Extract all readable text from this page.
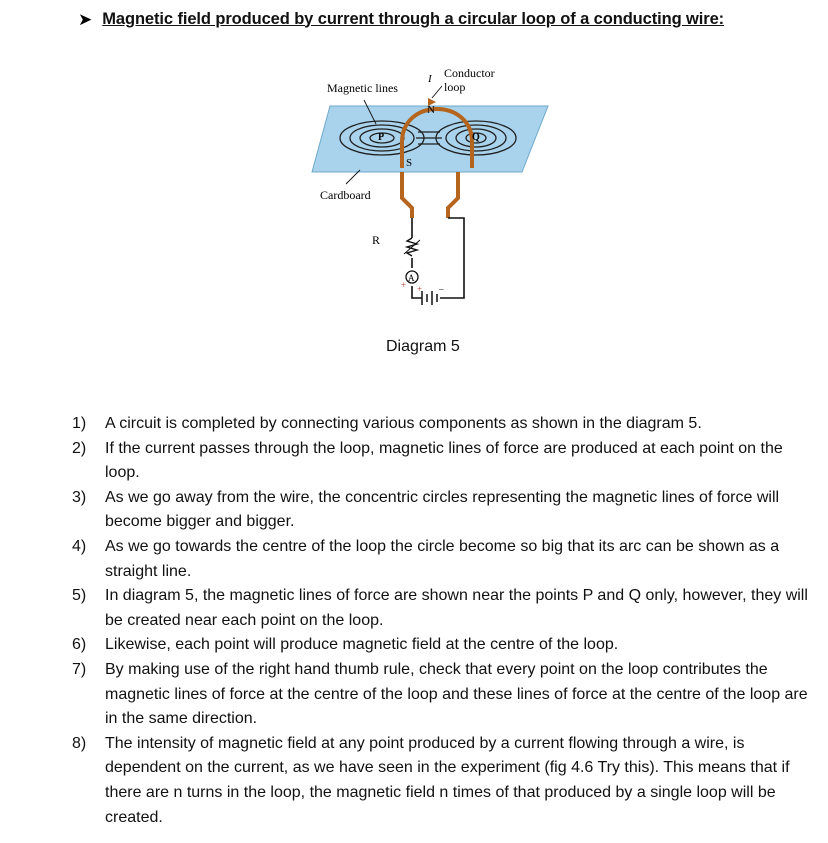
➤ Magnetic field produced by current through a circular loop of a conducting wire:
Magnetic lines
I Conductor
loop
N
S
P	Q
Cardboard
R
A
+ + –
Diagram 5
1) A circuit is completed by connecting various components as shown in the diagram 5.
2) If the current passes through the loop, magnetic lines of force are produced at each point on the loop.
3) As we go away from the wire, the concentric circles representing the magnetic lines of force will become bigger and bigger.
4) As we go towards the centre of the loop the circle become so big that its arc can be shown as a straight line.
5) In diagram 5, the magnetic lines of force are shown near the points P and Q only, however, they will be created near each point on the loop.
6) Likewise, each point will produce magnetic field at the centre of the loop.
7) By making use of the right hand thumb rule, check that every point on the loop contributes the magnetic lines of force at the centre of the loop and these lines of force at the centre of the loop are in the same direction.
8) The intensity of magnetic field at any point produced by a current flowing through a wire, is dependent on the current, as we have seen in the experiment (fig 4.6 Try this). This means that if there are n turns in the loop, the magnetic field n times of that produced by a single loop will be created.
